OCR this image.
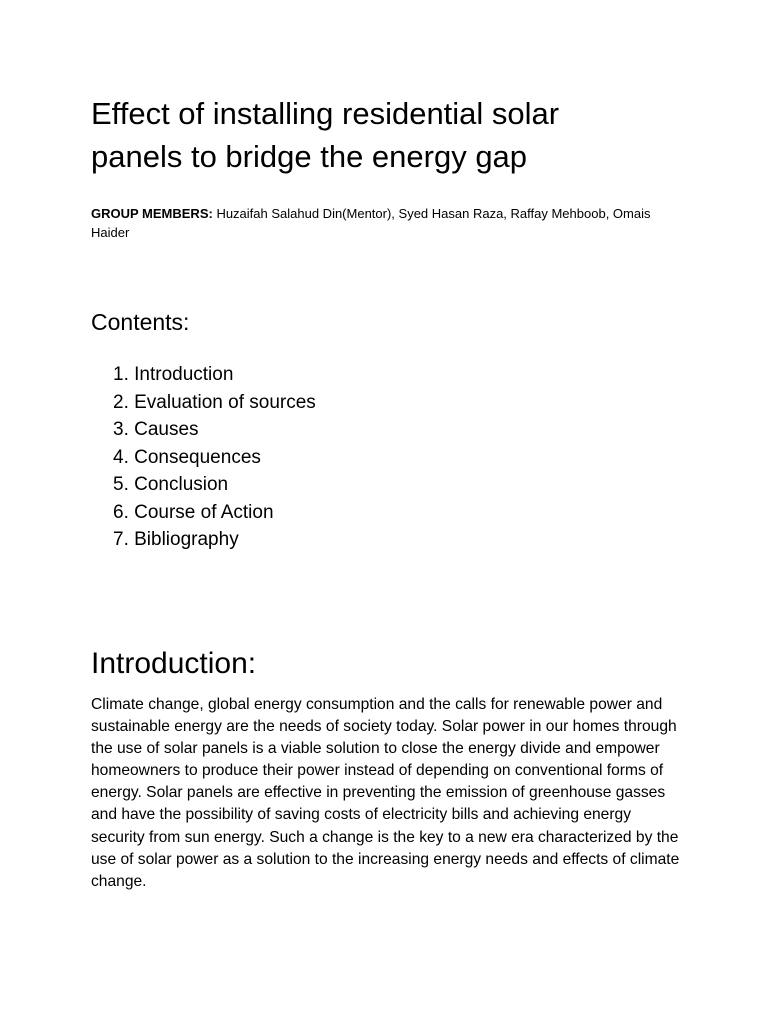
Effect of installing residential solar panels to bridge the energy gap

GROUP MEMBERS: Huzaifah Salahud Din(Mentor), Syed Hasan Raza, Raffay Mehboob, Omais Haider

Contents:
1. Introduction
2. Evaluation of sources
3. Causes
4. Consequences
5. Conclusion
6. Course of Action
7. Bibliography
Introduction:

Climate change, global energy consumption and the calls for renewable power and sustainable energy are the needs of society today. Solar power in our homes through the use of solar panels is a viable solution to close the energy divide and empower homeowners to produce their power instead of depending on conventional forms of energy. Solar panels are effective in preventing the emission of greenhouse gasses and have the possibility of saving costs of electricity bills and achieving energy security from sun energy. Such a change is the key to a new era characterized by the use of solar power as a solution to the increasing energy needs and effects of climate change.
